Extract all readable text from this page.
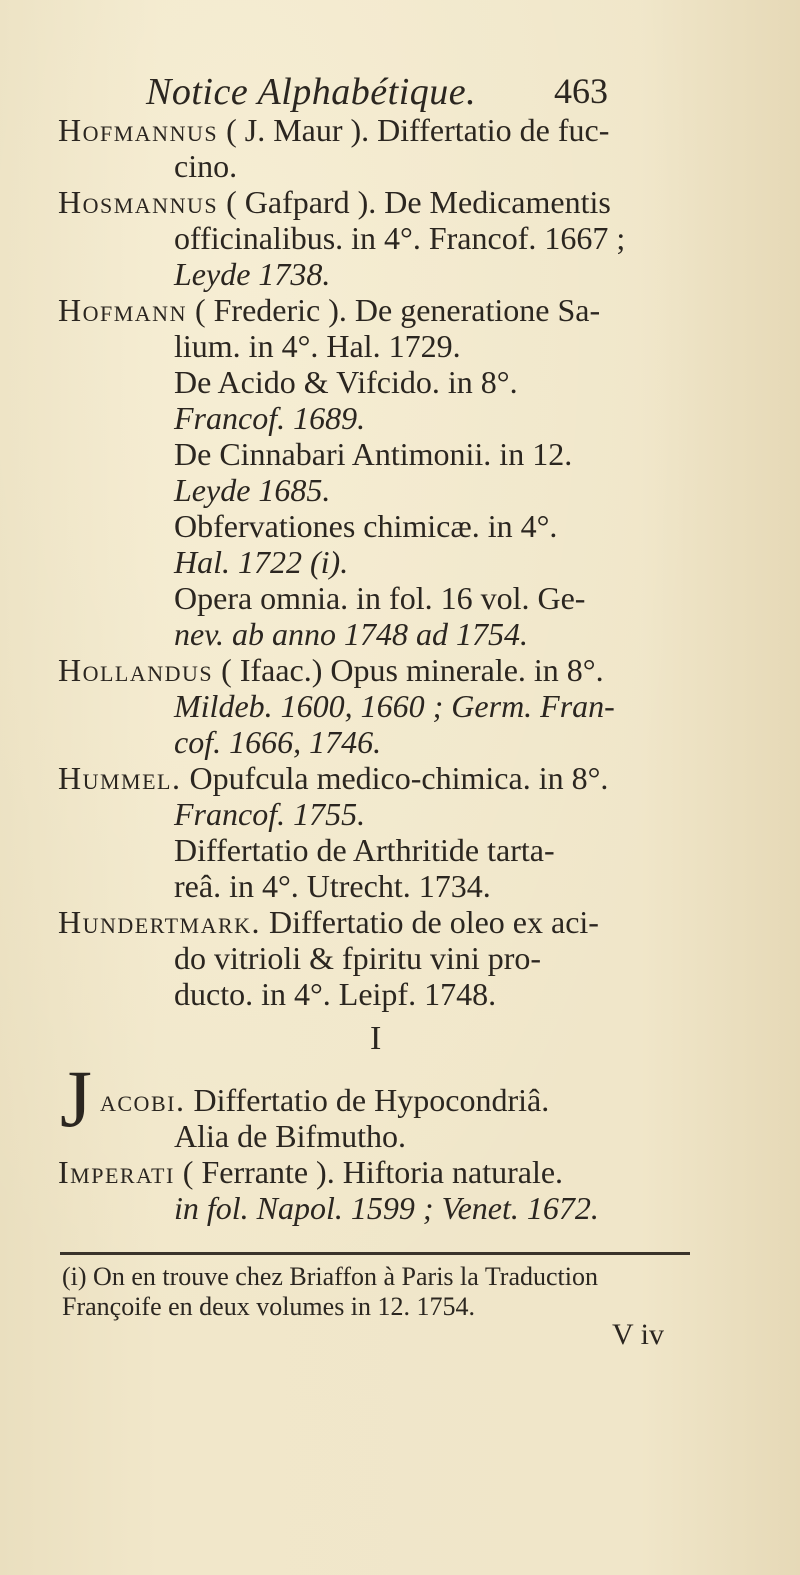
Notice Alphabétique. 463
Hofmannus ( J. Maur ). Differtatio de fuc-
cino.
Hosmannus ( Gafpard ). De Medicamentis
officinalibus. in 4°. Francof. 1667 ;
Leyde 1738.
Hofmann ( Frederic ). De generatione Sa-
lium. in 4°. Hal. 1729.
De Acido & Vifcido. in 8°.
Francof. 1689.
De Cinnabari Antimonii. in 12.
Leyde 1685.
Obfervationes chimicæ. in 4°.
Hal. 1722 (i).
Opera omnia. in fol. 16 vol. Ge-
nev. ab anno 1748 ad 1754.
Hollandus ( Ifaac.) Opus minerale. in 8°.
Mildeb. 1600, 1660 ; Germ. Fran-
cof. 1666, 1746.
Hummel. Opufcula medico-chimica. in 8°.
Francof. 1755.
Differtatio de Arthritide tarta-
reâ. in 4°. Utrecht. 1734.
Hundertmark. Differtatio de oleo ex aci-
do vitrioli & fpiritu vini pro-
ducto. in 4°. Leipf. 1748.
I
J acobi. Differtatio de Hypocondriâ.
Alia de Bifmutho.
Imperati ( Ferrante ). Hiftoria naturale.
in fol. Napol. 1599 ; Venet. 1672.
(i) On en trouve chez Briaffon à Paris la Traduction
Françoife en deux volumes in 12. 1754.
V iv
